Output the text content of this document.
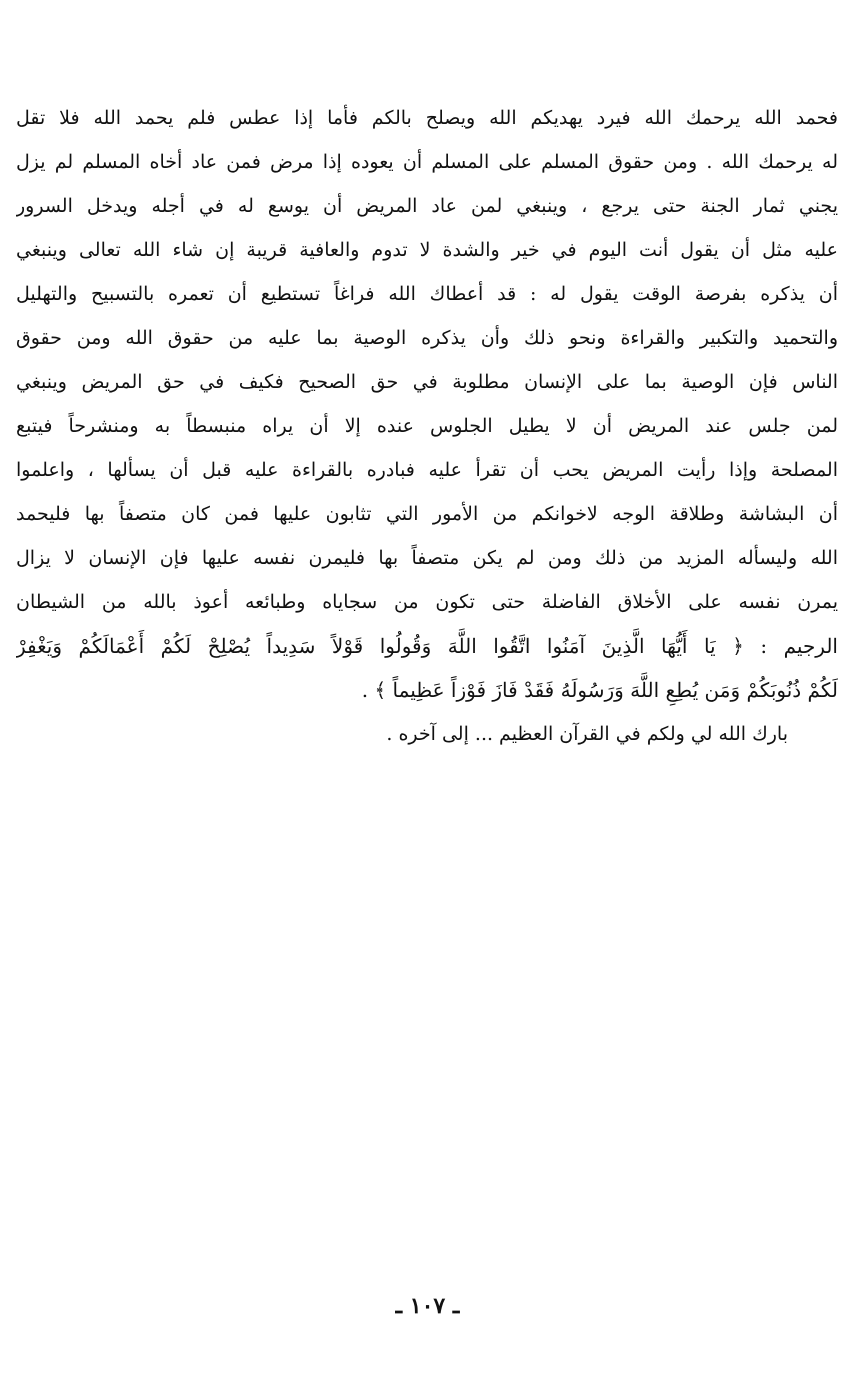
فحمد الله يرحمك الله فيرد يهديكم الله ويصلح بالكم فأما إذا عطس فلم يحمد الله فلا تقل
له يرحمك الله . ومن حقوق المسلم على المسلم أن يعوده إذا مرض فمن عاد أخاه المسلم لم يزل
يجني ثمار الجنة حتى يرجع ، وينبغي لمن عاد المريض أن يوسع له في أجله ويدخل السرور
عليه مثل أن يقول أنت اليوم في خير والشدة لا تدوم والعافية قريبة إن شاء الله تعالى وينبغي
أن يذكره بفرصة الوقت يقول له : قد أعطاك الله فراغاً تستطيع أن تعمره بالتسبيح والتهليل
والتحميد والتكبير والقراءة ونحو ذلك وأن يذكره الوصية بما عليه من حقوق الله ومن حقوق
الناس فإن الوصية بما على الإنسان مطلوبة في حق الصحيح فكيف في حق المريض وينبغي
لمن جلس عند المريض أن لا يطيل الجلوس عنده إلا أن يراه منبسطاً به ومنشرحاً فيتبع
المصلحة وإذا رأيت المريض يحب أن تقرأ عليه فبادره بالقراءة عليه قبل أن يسألها ، واعلموا
أن البشاشة وطلاقة الوجه لاخوانكم من الأمور التي تثابون عليها فمن كان متصفاً بها فليحمد
الله وليسأله المزيد من ذلك ومن لم يكن متصفاً بها فليمرن نفسه عليها فإن الإنسان لا يزال
يمرن نفسه على الأخلاق الفاضلة حتى تكون من سجاياه وطبائعه أعوذ بالله من الشيطان
الرجيم : ﴿ يَا أَيُّهَا الَّذِينَ آمَنُوا اتَّقُوا اللَّهَ وَقُولُوا قَوْلاً سَدِيداً يُصْلِحْ لَكُمْ أَعْمَالَكُمْ وَيَغْفِرْ
لَكُمْ ذُنُوبَكُمْ وَمَن يُطِعِ اللَّهَ وَرَسُولَهُ فَقَدْ فَازَ فَوْزاً عَظِيماً ﴾ .
بارك الله لي ولكم في القرآن العظيم ... إلى آخره .
ـ ١٠٧ ـ
